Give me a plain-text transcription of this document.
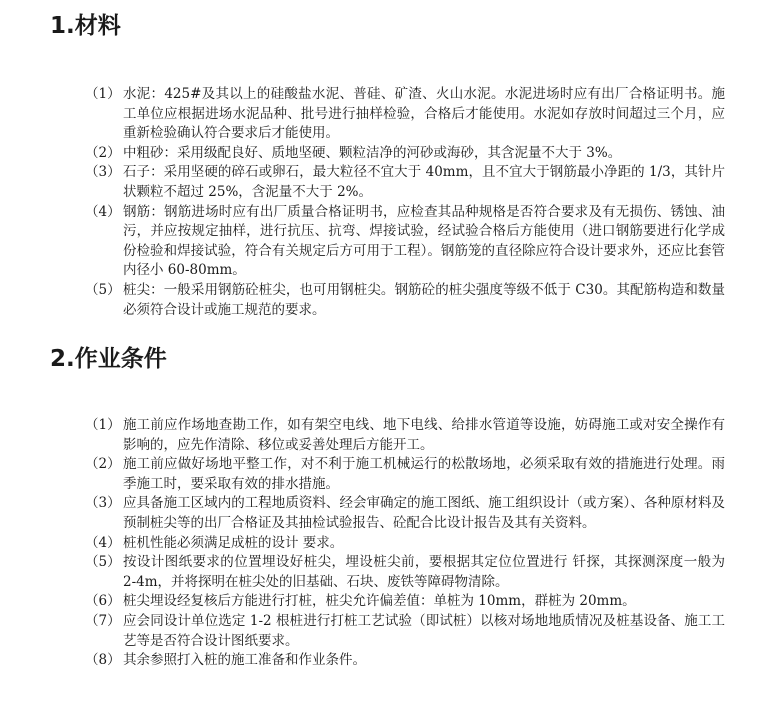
1.材料
（1） 水泥：425#及其以上的硅酸盐水泥、普硅、矿渣、火山水泥。水泥进场时应有出厂合格证明书。施工单位应根据进场水泥品种、批号进行抽样检验，合格后才能使用。水泥如存放时间超过三个月，应重新检验确认符合要求后才能使用。
（2） 中粗砂：采用级配良好、质地坚硬、颗粒洁净的河砂或海砂，其含泥量不大于 3%。
（3） 石子：采用坚硬的碎石或卵石，最大粒径不宜大于 40mm，且不宜大于钢筋最小净距的 1/3，其针片状颗粒不超过 25%，含泥量不大于 2%。
（4） 钢筋：钢筋进场时应有出厂质量合格证明书，应检查其品种规格是否符合要求及有无损伤、锈蚀、油污，并应按规定抽样，进行抗压、抗弯、焊接试验，经试验合格后方能使用（进口钢筋要进行化学成份检验和焊接试验，符合有关规定后方可用于工程）。钢筋笼的直径除应符合设计要求外，还应比套管内径小 60-80mm。
（5） 桩尖：一般采用钢筋砼桩尖，也可用钢桩尖。钢筋砼的桩尖强度等级不低于 C30。其配筋构造和数量必须符合设计或施工规范的要求。
2.作业条件
（1） 施工前应作场地查勘工作，如有架空电线、地下电线、给排水管道等设施，妨碍施工或对安全操作有影响的，应先作清除、移位或妥善处理后方能开工。
（2） 施工前应做好场地平整工作，对不利于施工机械运行的松散场地，必须采取有效的措施进行处理。雨季施工时，要采取有效的排水措施。
（3） 应具备施工区域内的工程地质资料、经会审确定的施工图纸、施工组织设计（或方案）、各种原材料及预制桩尖等的出厂合格证及其抽检试验报告、砼配合比设计报告及其有关资料。
（4） 桩机性能必须满足成桩的设计 要求。
（5） 按设计图纸要求的位置埋设好桩尖，埋设桩尖前，要根据其定位位置进行 钎探，其探测深度一般为 2-4m，并将探明在桩尖处的旧基础、石块、废铁等障碍物清除。
（6） 桩尖埋设经复核后方能进行打桩，桩尖允许偏差值：单桩为 10mm，群桩为 20mm。
（7） 应会同设计单位选定 1-2 根桩进行打桩工艺试验（即试桩）以核对场地地质情况及桩基设备、施工工艺等是否符合设计图纸要求。
（8） 其余参照打入桩的施工准备和作业条件。
